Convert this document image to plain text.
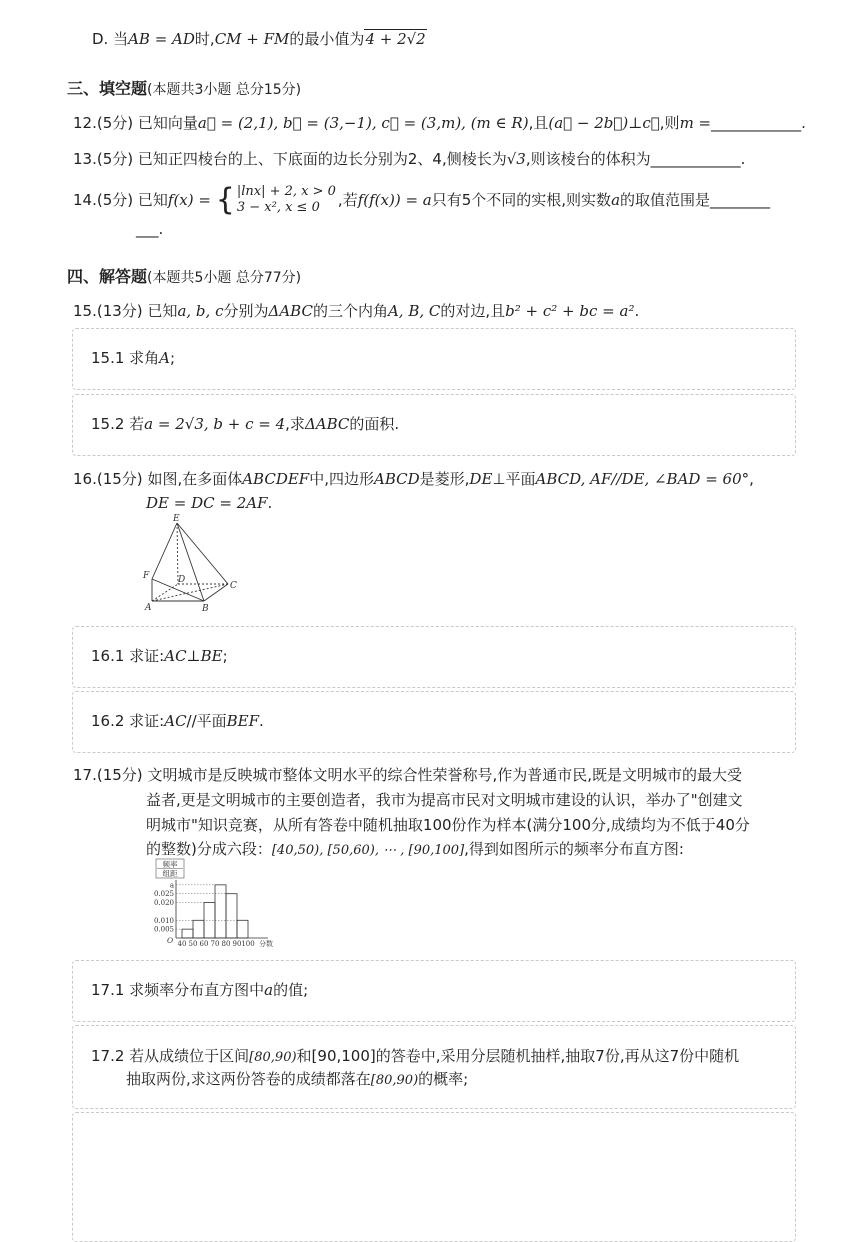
D. 当AB = AD时,CM + FM的最小值为4 + 2√2
三、填空题(本题共3小题 总分15分)
12.(5分) 已知向量a⃗ = (2,1), b⃗ = (3,−1), c⃗ = (3,m), (m ∈ R),且(a⃗ − 2b⃗)⊥c⃗,则m =____________.
13.(5分) 已知正四棱台的上、下底面的边长分别为2、4,侧棱长为√3,则该棱台的体积为____________.
14.(5分) 已知f(x) = { |lnx| + 2, x > 0
3 − x², x ≤ 0	,若f(f(x)) = a只有5个不同的实根,则实数a的取值范围是________
___.
四、解答题(本题共5小题 总分77分)
15.(13分) 已知a, b, c分别为ΔABC的三个内角A, B, C的对边,且b² + c² + bc = a².
15.1 求角A;
15.2 若a = 2√3, b + c = 4,求ΔABC的面积.
16.(15分) 如图,在多面体ABCDEF中,四边形ABCD是菱形,DE⊥平面ABCD, AF//DE, ∠BAD = 60°,
DE = DC = 2AF.
E
F	D
C
A	B
16.1 求证:AC⊥BE;
16.2 求证:AC//平面BEF.
17.(15分) 文明城市是反映城市整体文明水平的综合性荣誉称号,作为普通市民,既是文明城市的最大受
益者,更是文明城市的主要创造者，我市为提高市民对文明城市建设的认识，举办了"创建文
明城市"知识竞赛，从所有答卷中随机抽取100份作为样本(满分100分,成绩均为不低于40分
的整数)分成六段：[40,50), [50,60), ⋯ , [90,100],得到如图所示的频率分布直方图:
频率
组距
0.005
0.010
0.020
0.025
a
40 50 60 70 80 90 100
O	分数
17.1 求频率分布直方图中a的值;
17.2 若从成绩位于区间[80,90)和[90,100]的答卷中,采用分层随机抽样,抽取7份,再从这7份中随机
抽取两份,求这两份答卷的成绩都落在[80,90)的概率;
